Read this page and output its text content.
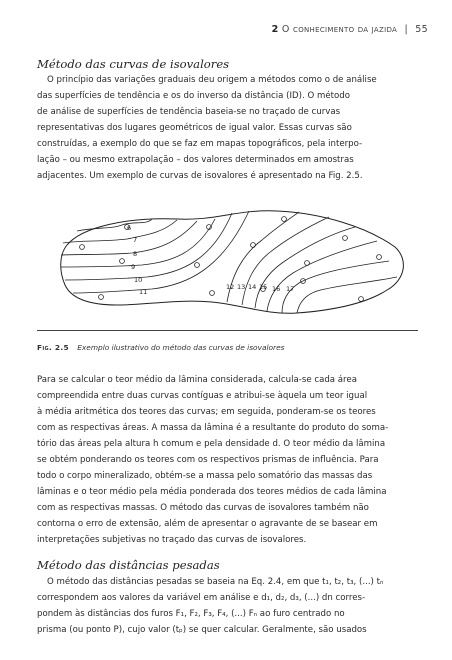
2 O conhecimento da jazida | 55
Método das curvas de isovalores
O princípio das variações graduais deu origem a métodos como o de análise
das superfícies de tendência e os do inverso da distância (ID). O método
de análise de superfícies de tendência baseia-se no traçado de curvas
representativas dos lugares geométricos de igual valor. Essas curvas são
construídas, a exemplo do que se faz em mapas topográficos, pela interpo-
lação – ou mesmo extrapolação – dos valores determinados em amostras
adjacentes. Um exemplo de curvas de isovalores é apresentado na Fig. 2.5.
6
7
8
9
10
11
12 13 14 15 16 17
Fig. 2.5 Exemplo ilustrativo do método das curvas de isovalores
Para se calcular o teor médio da lâmina considerada, calcula-se cada área
compreendida entre duas curvas contíguas e atribui-se àquela um teor igual
à média aritmética dos teores das curvas; em seguida, ponderam-se os teores
com as respectivas áreas. A massa da lâmina é a resultante do produto do somа-
tório das áreas pela altura h comum e pela densidade d. O teor médio da lâmina
se obtém ponderando os teores com os respectivos prismas de influência. Para
todo o corpo mineralizado, obtém-se a massa pelo somatório das massas das
lâminas e o teor médio pela média ponderada dos teores médios de cada lâmina
com as respectivas massas. O método das curvas de isovalores também não
contorna o erro de extensão, além de apresentar o agravante de se basear em
interpretações subjetivas no traçado das curvas de isovalores.
Método das distâncias pesadas
O método das distâncias pesadas se baseia na Eq. 2.4, em que t₁, t₂, t₃, (...) tₙ
correspondem aos valores da variável em análise e d₁, d₂, d₃, (...) dn corres-
pondem às distâncias dos furos F₁, F₂, F₃, F₄, (...) Fₙ ao furo centrado no
prisma (ou ponto P), cujo valor (tₚ) se quer calcular. Geralmente, são usados
